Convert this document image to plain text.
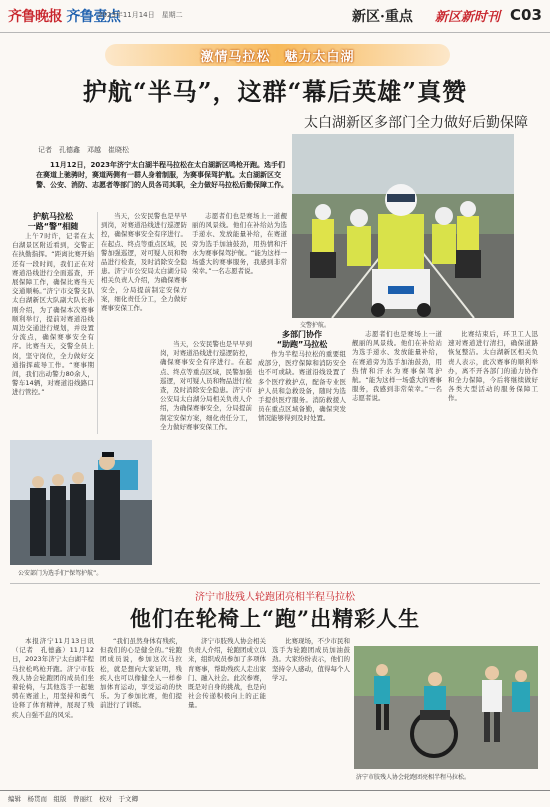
齐鲁晚报 齐鲁壹点
2023年11月14日　星期二	新区·重点 新区新时刊 C03
激情马拉松　魅力太白湖
护航“半马”，这群“幕后英雄”真赞
太白湖新区多部门全力做好后勤保障
记者　孔德鑫　邓越　崔晓松
11月12日，2023年济宁太白湖半程马拉松在太白湖新区鸣枪开跑。选手们在赛道上驰骋时，赛道两侧有一群人身着制服，为赛事保驾护航。太白湖新区交警、公安、消防、志愿者等部门的人员各司其职，全力做好马拉松后勤保障工作。
交警护航。

护航马拉松
一路“警”相随

上午7时许，记者在太白湖景区附近看到，交警正在执勤指挥。“距离比赛开始还有一段时间，我们正在对赛道沿线进行全面巡查，开展保障工作，确保比赛当天交通顺畅。”济宁市交警支队太白湖新区大队副大队长孙刚介绍，为了确保本次赛事顺利举行，提前对赛道沿线周边交通进行规划，并设置分流点，确保赛事安全有序。比赛当天，交警全员上岗，坚守岗位，全力做好交通指挥疏导工作。“赛事期间，我们出动警力80余人，警车14辆，对赛道沿线路口进行管控。”

当天，公安民警也是早早到岗，对赛道沿线进行巡逻防控，确保赛事安全有序进行。在起点、终点等重点区域，民警加强巡逻，对可疑人员和物品进行检查，及时消除安全隐患。济宁市公安局太白湖分局相关负责人介绍，为确保赛事安全，分局提前制定安保方案，细化责任分工，全力做好赛事安保工作。

志愿者们也是赛场上一道靓丽的风景线。他们在补给站为选手递水、发放能量补给，在赛道旁为选手加油鼓劲，用热情和汗水为赛事保驾护航。“能为这样一场盛大的赛事服务，我感到非常荣幸。”一名志愿者说。

当天，公安民警也是早早到岗，对赛道沿线进行巡逻防控，确保赛事安全有序进行。在起点、终点等重点区域，民警加强巡逻，对可疑人员和物品进行检查，及时消除安全隐患。济宁市公安局太白湖分局相关负责人介绍，为确保赛事安全，分局提前制定安保方案，细化责任分工，全力做好赛事安保工作。

多部门协作
“助跑”马拉松

作为半程马拉松的重要组成部分，医疗保障和消防安全也不可或缺。赛道沿线设置了多个医疗救护点，配备专业医护人员和急救设备，随时为选手提供医疗服务。消防救援人员在重点区域备勤，确保突发情况能够得到及时处置。

志愿者们也是赛场上一道靓丽的风景线。他们在补给站为选手递水、发放能量补给，在赛道旁为选手加油鼓劲，用热情和汗水为赛事保驾护航。“能为这样一场盛大的赛事服务，我感到非常荣幸。”一名志愿者说。

比赛结束后，环卫工人迅速对赛道进行清扫，确保道路恢复整洁。太白湖新区相关负责人表示，此次赛事的顺利举办，离不开各部门的通力协作和全力保障，今后将继续做好各类大型活动的服务保障工作。

公安部门为选手们“保驾护航”。
济宁市肢残人轮跑团亮相半程马拉松
他们在轮椅上“跑”出精彩人生

本报济宁11月13日讯（记者　孔德鑫）11月12日，2023年济宁太白湖半程马拉松鸣枪开跑。济宁市肢残人协会轮跑团的成员们坐着轮椅，与其他选手一起驰骋在赛道上，用坚持和勇气诠释了体育精神，展现了残疾人自强不息的风采。

“我们虽然身体有残疾，但我们的心是健全的。”轮跑团成员说，参加这次马拉松，就是想向大家证明，残疾人也可以像健全人一样参加体育运动，享受运动的快乐。为了参加比赛，他们提前进行了训练。

济宁市肢残人协会相关负责人介绍，轮跑团成立以来，组织成员参加了多项体育赛事，帮助残疾人走出家门、融入社会。此次参赛，既是对自身的挑战，也是向社会传递积极向上的正能量。

比赛现场，不少市民和选手为轮跑团成员加油鼓劲。大家纷纷表示，他们的坚持令人感动，值得每个人学习。

济宁市肢残人协会轮跑团亮相半程马拉松。
编辑　杨贯而　组版　曾丽红　校对　于文卿
